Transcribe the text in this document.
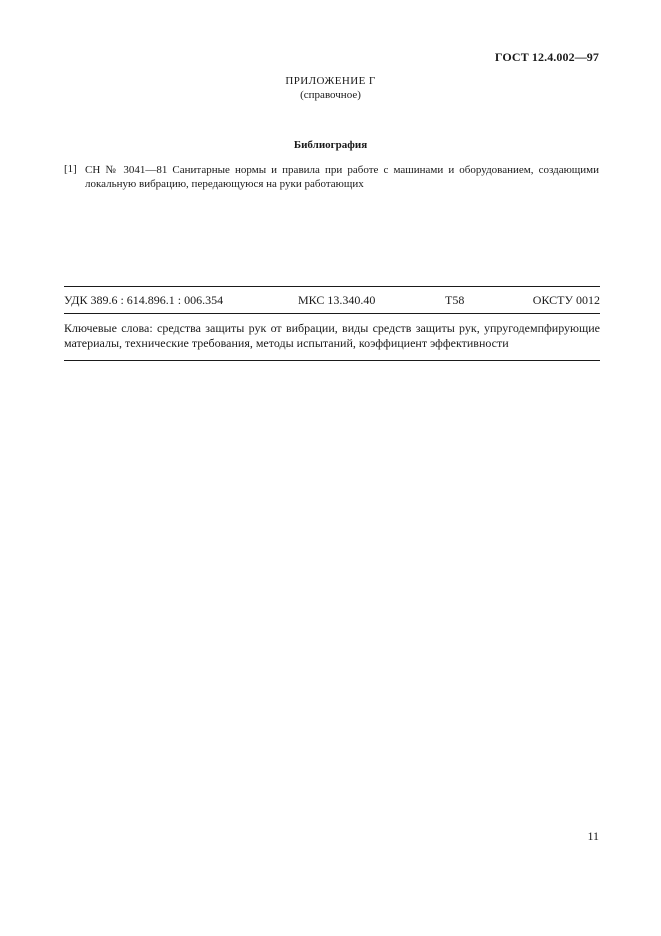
ГОСТ 12.4.002—97
ПРИЛОЖЕНИЕ Г
(справочное)
Библиография
[1] СН № 3041—81 Санитарные нормы и правила при работе с машинами и оборудованием, создающими локальную вибрацию, передающуюся на руки работающих
УДК 389.6 : 614.896.1 : 006.354	МКС 13.340.40	Т58	ОКСТУ 0012
Ключевые слова: средства защиты рук от вибрации, виды средств защиты рук, упругодемпфирующие материалы, технические требования, методы испытаний, коэффициент эффективности
11
